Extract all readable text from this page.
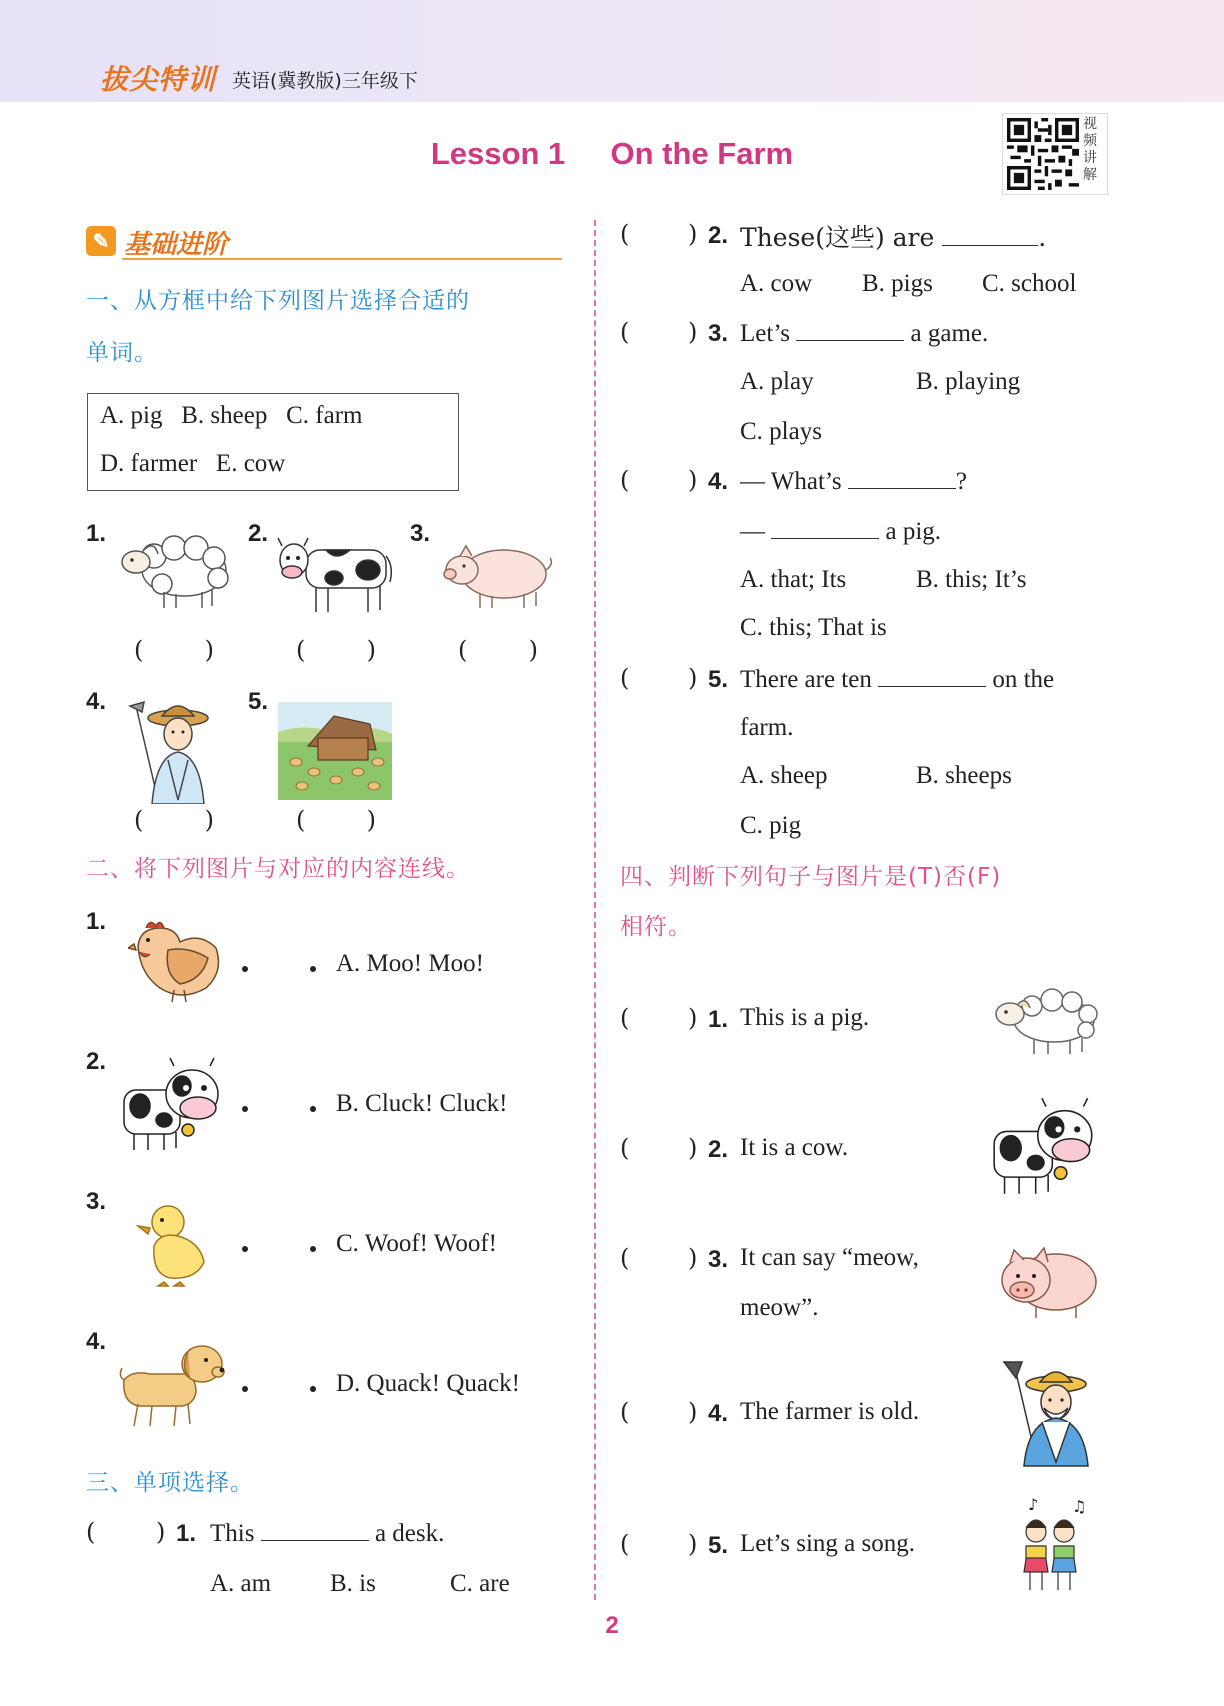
拔尖特训 英语(冀教版)三年级下
Lesson 1 On the Farm
视频讲解
✎ 基础进阶
一、从方框中给下列图片选择合适的
单词。
A. pig   B. sheep   C. farm
D. farmer   E. cow
1.	2.	3.
(	)	(	)	(	)
4.	5.
(	)	(	)
二、将下列图片与对应的内容连线。
1.
A. Moo! Moo!
2.
B. Cluck! Cluck!
3.
C. Woof! Woof!
4.
D. Quack! Quack!
三、单项选择。
(	) 1. This	a desk.
A. am B. is	C. are
( ) 2. These(这些) are	.
A. cow B. pigs C. school
( ) 3. Let’s	a game.
A. play	B. playing
C. plays
( ) 4. — What’s	?
—	a pig.
A. that; Its	B. this; It’s
C. this; That is
( ) 5. There are ten	on the
farm.
A. sheep	B. sheeps
C. pig
四、判断下列句子与图片是(T)否(F)
相符。
( ) 1. This is a pig.
( ) 2. It is a cow.
( ) 3. It can say “meow,
meow”.
( ) 4. The farmer is old.
( ) 5. Let’s sing a song.
♪ ♫
2
